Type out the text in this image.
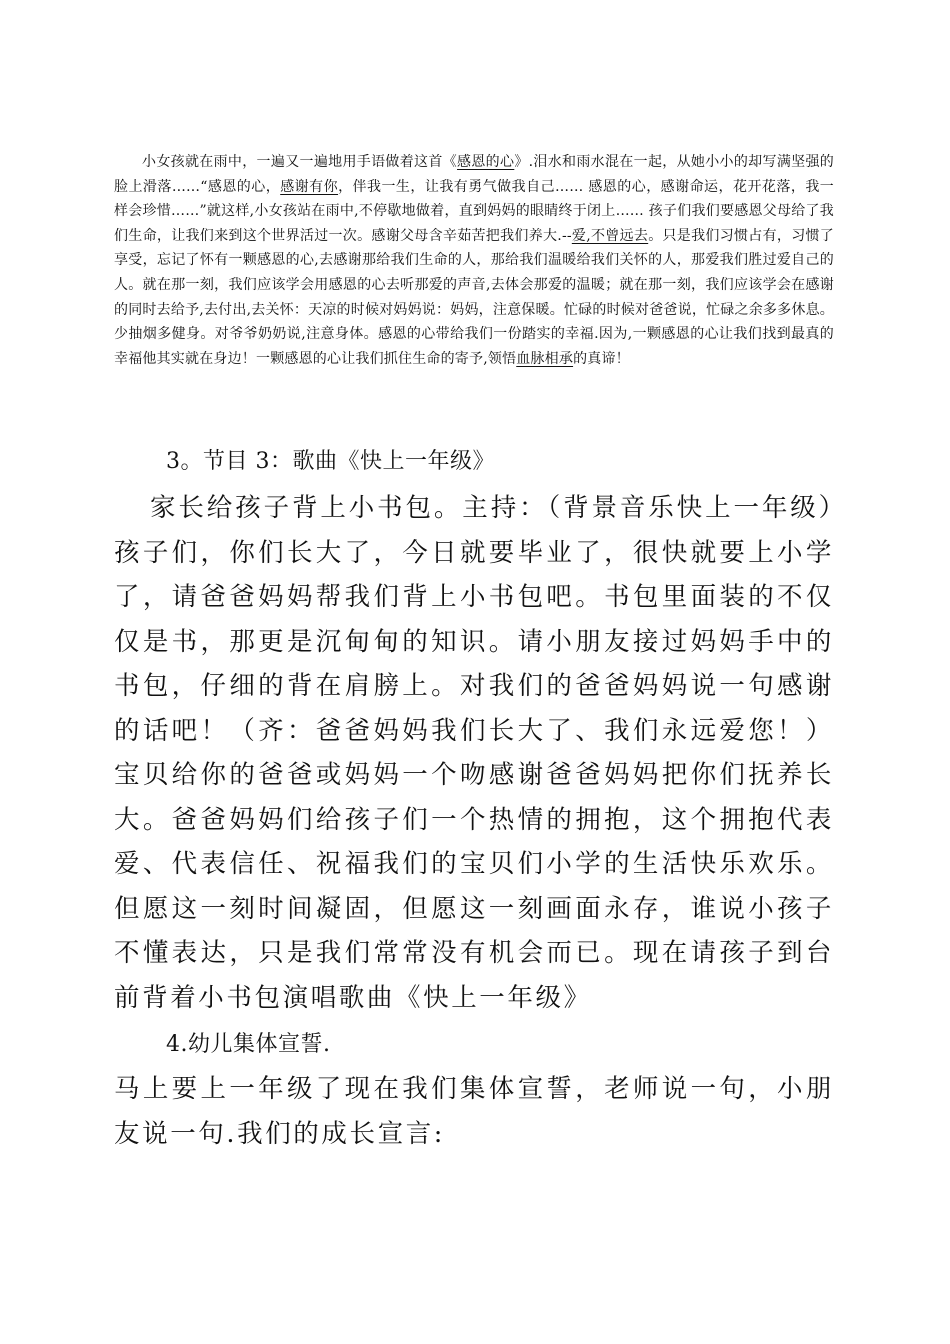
小女孩就在雨中，一遍又一遍地用手语做着这首《感恩的心》.泪水和雨水混在一起，从她小小的却写满坚强的脸上滑落……“感恩的心，感谢有你，伴我一生，让我有勇气做我自己…… 感恩的心，感谢命运，花开花落，我一样会珍惜……”就这样,小女孩站在雨中,不停歇地做着，直到妈妈的眼睛终于闭上…… 孩子们我们要感恩父母给了我们生命，让我们来到这个世界活过一次。感谢父母含辛茹苦把我们养大.--爱,不曾远去。只是我们习惯占有，习惯了享受，忘记了怀有一颗感恩的心,去感谢那给我们生命的人，那给我们温暖给我们关怀的人，那爱我们胜过爱自己的人。就在那一刻，我们应该学会用感恩的心去听那爱的声音,去体会那爱的温暖；就在那一刻，我们应该学会在感谢的同时去给予,去付出,去关怀：天凉的时候对妈妈说：妈妈，注意保暖。忙碌的时候对爸爸说，忙碌之余多多休息。少抽烟多健身。对爷爷奶奶说,注意身体。感恩的心带给我们一份踏实的幸福.因为,一颗感恩的心让我们找到最真的幸福他其实就在身边！一颗感恩的心让我们抓住生命的寄予,领悟血脉相承的真谛！

3。节目 3：歌曲《快上一年级》

家长给孩子背上小书包。主持：（背景音乐快上一年级）孩子们，你们长大了，今日就要毕业了，很快就要上小学了，请爸爸妈妈帮我们背上小书包吧。书包里面装的不仅仅是书，那更是沉甸甸的知识。请小朋友接过妈妈手中的书包，仔细的背在肩膀上。对我们的爸爸妈妈说一句感谢的话吧！（齐：爸爸妈妈我们长大了、我们永远爱您！）宝贝给你的爸爸或妈妈一个吻感谢爸爸妈妈把你们抚养长大。爸爸妈妈们给孩子们一个热情的拥抱，这个拥抱代表爱、代表信任、祝福我们的宝贝们小学的生活快乐欢乐。但愿这一刻时间凝固，但愿这一刻画面永存，谁说小孩子不懂表达，只是我们常常没有机会而已。现在请孩子到台前背着小书包演唱歌曲《快上一年级》

4.幼儿集体宣誓.

马上要上一年级了现在我们集体宣誓，老师说一句，小朋友说一句.我们的成长宣言:
